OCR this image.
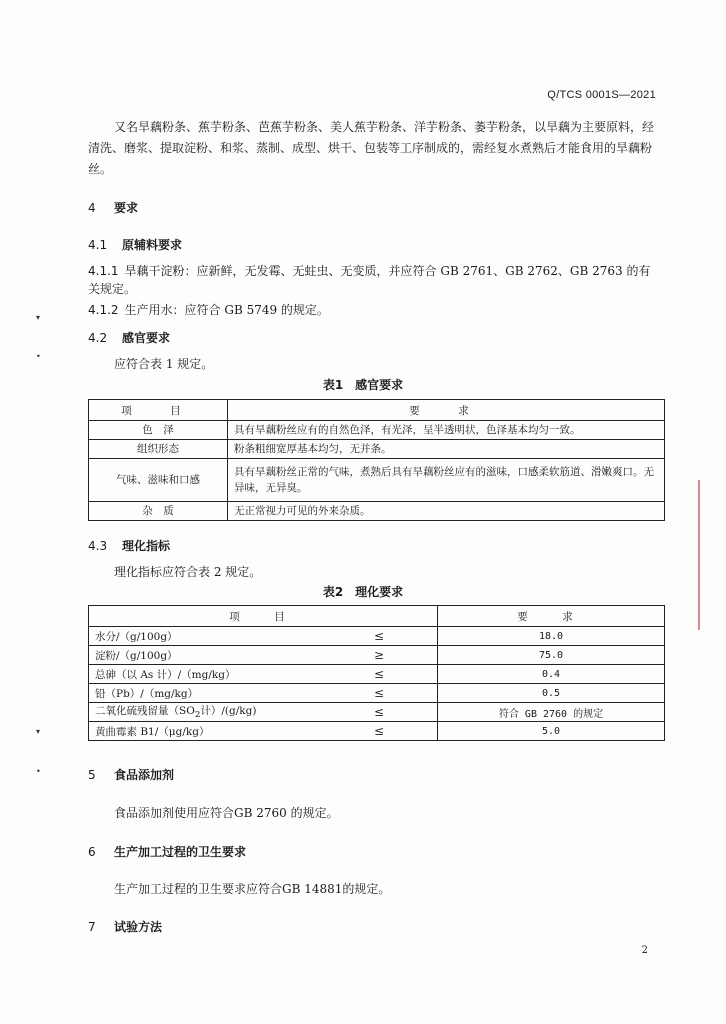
Q/TCS 0001S—2021
又名旱藕粉条、蕉芋粉条、芭蕉芋粉条、美人蕉芋粉条、洋芋粉条、萎芋粉条，以旱藕为主要原料，经清洗、磨浆、提取淀粉、和浆、蒸制、成型、烘干、包装等工序制成的，需经复水煮熟后才能食用的旱藕粉丝。
4 要求
4.1 原辅料要求
4.1.1 旱藕干淀粉：应新鲜，无发霉、无蛀虫、无变质，并应符合 GB 2761、GB 2762、GB 2763 的有关规定。
4.1.2 生产用水：应符合 GB 5749 的规定。
4.2 感官要求
应符合表 1 规定。
表1　感官要求
项　目	要　求
色　泽	具有旱藕粉丝应有的自然色泽，有光泽，呈半透明状，色泽基本均匀一致。
组织形态	粉条粗细宽厚基本均匀，无并条。
气味、滋味和口感	具有旱藕粉丝正常的气味，煮熟后具有旱藕粉丝应有的滋味，口感柔软筋道、滑嫩爽口。无异味，无异臭。
杂　质	无正常视力可见的外来杂质。
4.3 理化指标
理化指标应符合表 2 规定。
表2　理化要求
项　目		要　求
水分/（g/100g）	≤	18.0
淀粉/（g/100g）	≥	75.0
总砷（以 As 计）/（mg/kg）	≤	0.4
铅（Pb）/（mg/kg）	≤	0.5
二氧化硫残留量（$SO_2$计）/(g/kg)	≤	符合 GB 2760 的规定
黄曲霉素 B1/（μg/kg）	≤	5.0
5 食品添加剂
食品添加剂使用应符合GB 2760 的规定。
6 生产加工过程的卫生要求
生产加工过程的卫生要求应符合GB 14881的规定。
7 试验方法
2
▾
•
▾
•
